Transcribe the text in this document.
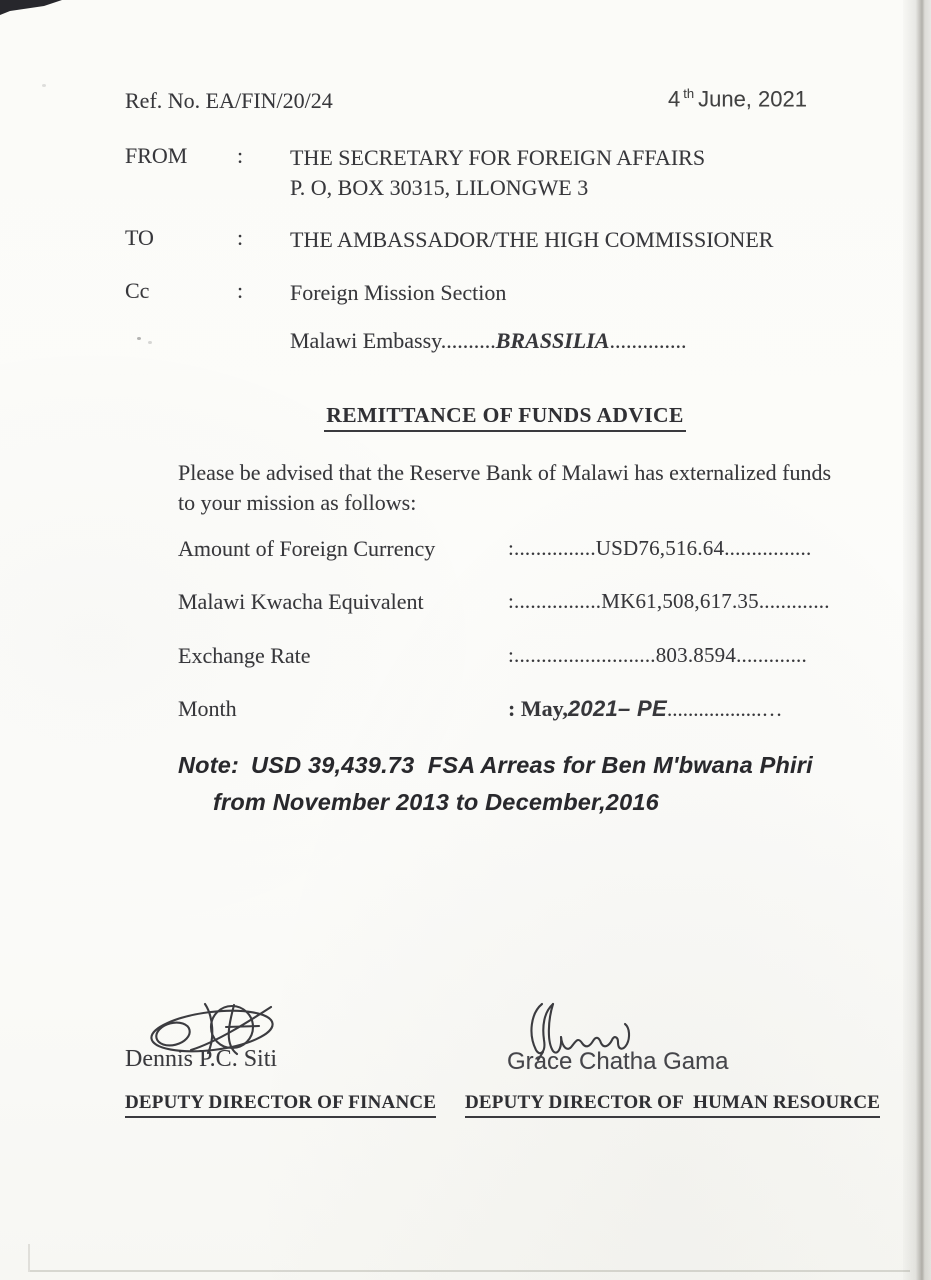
Ref. No. EA/FIN/20/24	4 $^{th}$ June, 2021
FROM : THE SECRETARY FOR FOREIGN AFFAIRS
P. O, BOX 30315, LILONGWE 3
TO	: THE AMBASSADOR/THE HIGH COMMISSIONER
Cc	: Foreign Mission Section
Malawi Embassy..........BRASSILIA..............
REMITTANCE OF FUNDS ADVICE
Please be advised that the Reserve Bank of Malawi has externalized funds
to your mission as follows:
Amount of Foreign Currency	:...............USD76,516.64................
Malawi Kwacha Equivalent	:................MK61,508,617.35.............
Exchange Rate	:..........................803.8594.............
Month	: May,2021– PE..................…
Note: USD 39,439.73  FSA Arreas for Ben M'bwana Phiri
from November 2013 to December,2016
Dennis P.C. Siti
DEPUTY DIRECTOR OF FINANCE
Grace Chatha Gama
DEPUTY DIRECTOR OF  HUMAN RESOURCE
